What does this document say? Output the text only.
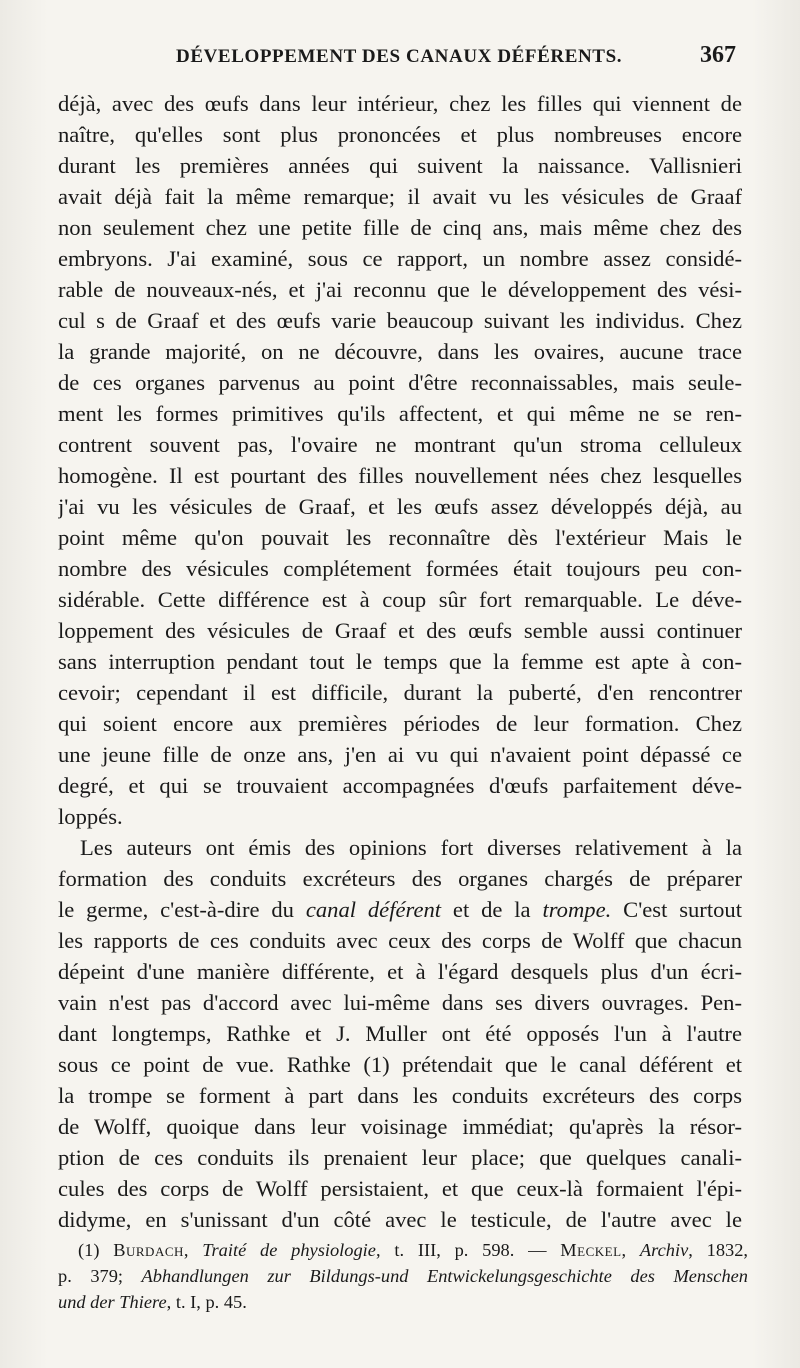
DÉVELOPPEMENT DES CANAUX DÉFÉRENTS.	367
déjà, avec des œufs dans leur intérieur, chez les filles qui viennent de
naître, qu'elles sont plus prononcées et plus nombreuses encore
durant les premières années qui suivent la naissance. Vallisnieri
avait déjà fait la même remarque; il avait vu les vésicules de Graaf
non seulement chez une petite fille de cinq ans, mais même chez des
embryons. J'ai examiné, sous ce rapport, un nombre assez considé-
rable de nouveaux-nés, et j'ai reconnu que le développement des vési-
cul s de Graaf et des œufs varie beaucoup suivant les individus. Chez
la grande majorité, on ne découvre, dans les ovaires, aucune trace
de ces organes parvenus au point d'être reconnaissables, mais seule-
ment les formes primitives qu'ils affectent, et qui même ne se ren-
contrent souvent pas, l'ovaire ne montrant qu'un stroma celluleux
homogène. Il est pourtant des filles nouvellement nées chez lesquelles
j'ai vu les vésicules de Graaf, et les œufs assez développés déjà, au
point même qu'on pouvait les reconnaître dès l'extérieur Mais le
nombre des vésicules complétement formées était toujours peu con-
sidérable. Cette différence est à coup sûr fort remarquable. Le déve-
loppement des vésicules de Graaf et des œufs semble aussi continuer
sans interruption pendant tout le temps que la femme est apte à con-
cevoir; cependant il est difficile, durant la puberté, d'en rencontrer
qui soient encore aux premières périodes de leur formation. Chez
une jeune fille de onze ans, j'en ai vu qui n'avaient point dépassé ce
degré, et qui se trouvaient accompagnées d'œufs parfaitement déve-
loppés.
Les auteurs ont émis des opinions fort diverses relativement à la
formation des conduits excréteurs des organes chargés de préparer
le germe, c'est-à-dire du canal déférent et de la trompe. C'est surtout
les rapports de ces conduits avec ceux des corps de Wolff que chacun
dépeint d'une manière différente, et à l'égard desquels plus d'un écri-
vain n'est pas d'accord avec lui-même dans ses divers ouvrages. Pen-
dant longtemps, Rathke et J. Muller ont été opposés l'un à l'autre
sous ce point de vue. Rathke (1) prétendait que le canal déférent et
la trompe se forment à part dans les conduits excréteurs des corps
de Wolff, quoique dans leur voisinage immédiat; qu'après la résor-
ption de ces conduits ils prenaient leur place; que quelques canali-
cules des corps de Wolff persistaient, et que ceux-là formaient l'épi-
didyme, en s'unissant d'un côté avec le testicule, de l'autre avec le
(1) Burdach, Traité de physiologie, t. III, p. 598. — Meckel, Archiv, 1832,
p. 379; Abhandlungen zur Bildungs-und Entwickelungsgeschichte des Menschen
und der Thiere, t. I, p. 45.
